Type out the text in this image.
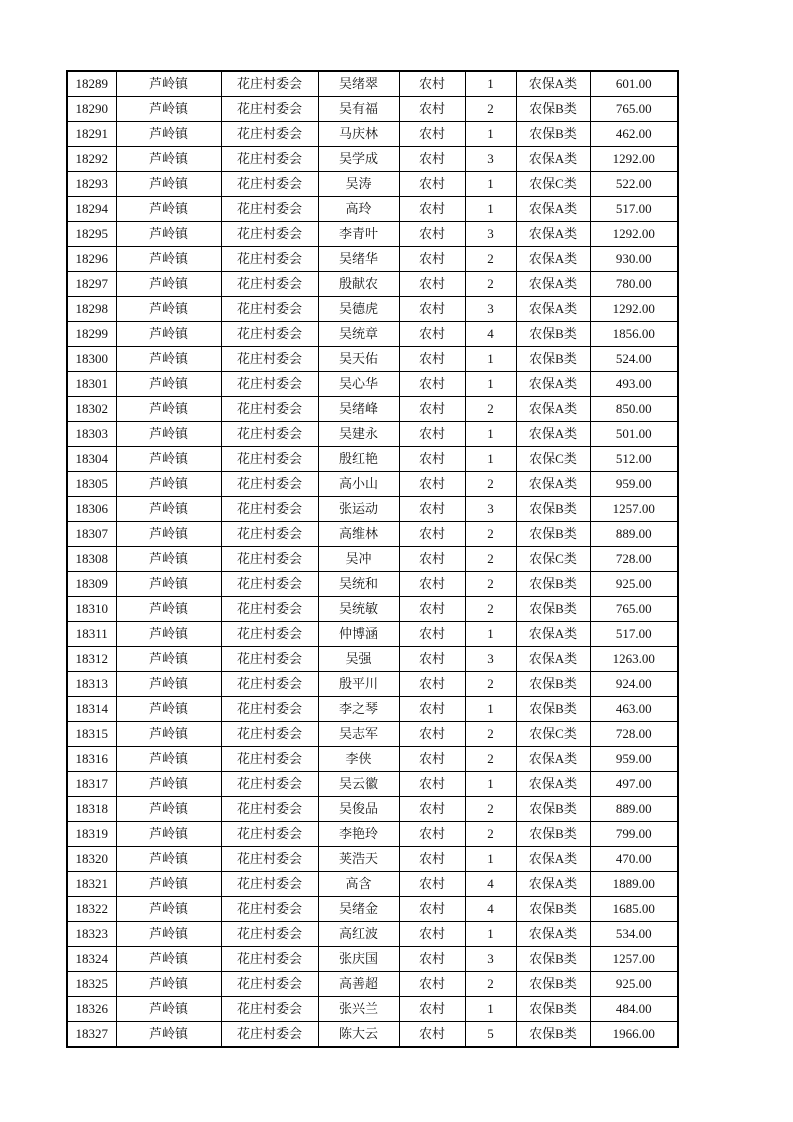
18289	芦岭镇	花庄村委会	吴绪翠	农村	1	农保A类	601.00
18290	芦岭镇	花庄村委会	吴有福	农村	2	农保B类	765.00
18291	芦岭镇	花庄村委会	马庆林	农村	1	农保B类	462.00
18292	芦岭镇	花庄村委会	吴学成	农村	3	农保A类	1292.00
18293	芦岭镇	花庄村委会	吴涛	农村	1	农保C类	522.00
18294	芦岭镇	花庄村委会	高玲	农村	1	农保A类	517.00
18295	芦岭镇	花庄村委会	李青叶	农村	3	农保A类	1292.00
18296	芦岭镇	花庄村委会	吴绪华	农村	2	农保A类	930.00
18297	芦岭镇	花庄村委会	殷献农	农村	2	农保A类	780.00
18298	芦岭镇	花庄村委会	吴德虎	农村	3	农保A类	1292.00
18299	芦岭镇	花庄村委会	吴统章	农村	4	农保B类	1856.00
18300	芦岭镇	花庄村委会	吴天佑	农村	1	农保B类	524.00
18301	芦岭镇	花庄村委会	吴心华	农村	1	农保A类	493.00
18302	芦岭镇	花庄村委会	吴绪峰	农村	2	农保A类	850.00
18303	芦岭镇	花庄村委会	吴建永	农村	1	农保A类	501.00
18304	芦岭镇	花庄村委会	殷红艳	农村	1	农保C类	512.00
18305	芦岭镇	花庄村委会	高小山	农村	2	农保A类	959.00
18306	芦岭镇	花庄村委会	张运动	农村	3	农保B类	1257.00
18307	芦岭镇	花庄村委会	高维林	农村	2	农保B类	889.00
18308	芦岭镇	花庄村委会	吴冲	农村	2	农保C类	728.00
18309	芦岭镇	花庄村委会	吴统和	农村	2	农保B类	925.00
18310	芦岭镇	花庄村委会	吴统敏	农村	2	农保B类	765.00
18311	芦岭镇	花庄村委会	仲博涵	农村	1	农保A类	517.00
18312	芦岭镇	花庄村委会	吴强	农村	3	农保A类	1263.00
18313	芦岭镇	花庄村委会	殷平川	农村	2	农保B类	924.00
18314	芦岭镇	花庄村委会	李之琴	农村	1	农保B类	463.00
18315	芦岭镇	花庄村委会	吴志军	农村	2	农保C类	728.00
18316	芦岭镇	花庄村委会	李侠	农村	2	农保A类	959.00
18317	芦岭镇	花庄村委会	吴云徽	农村	1	农保A类	497.00
18318	芦岭镇	花庄村委会	吴俊品	农村	2	农保B类	889.00
18319	芦岭镇	花庄村委会	李艳玲	农村	2	农保B类	799.00
18320	芦岭镇	花庄村委会	荚浩天	农村	1	农保A类	470.00
18321	芦岭镇	花庄村委会	高含	农村	4	农保A类	1889.00
18322	芦岭镇	花庄村委会	吴绪金	农村	4	农保B类	1685.00
18323	芦岭镇	花庄村委会	高红波	农村	1	农保A类	534.00
18324	芦岭镇	花庄村委会	张庆国	农村	3	农保B类	1257.00
18325	芦岭镇	花庄村委会	高善超	农村	2	农保B类	925.00
18326	芦岭镇	花庄村委会	张兴兰	农村	1	农保B类	484.00
18327	芦岭镇	花庄村委会	陈大云	农村	5	农保B类	1966.00
